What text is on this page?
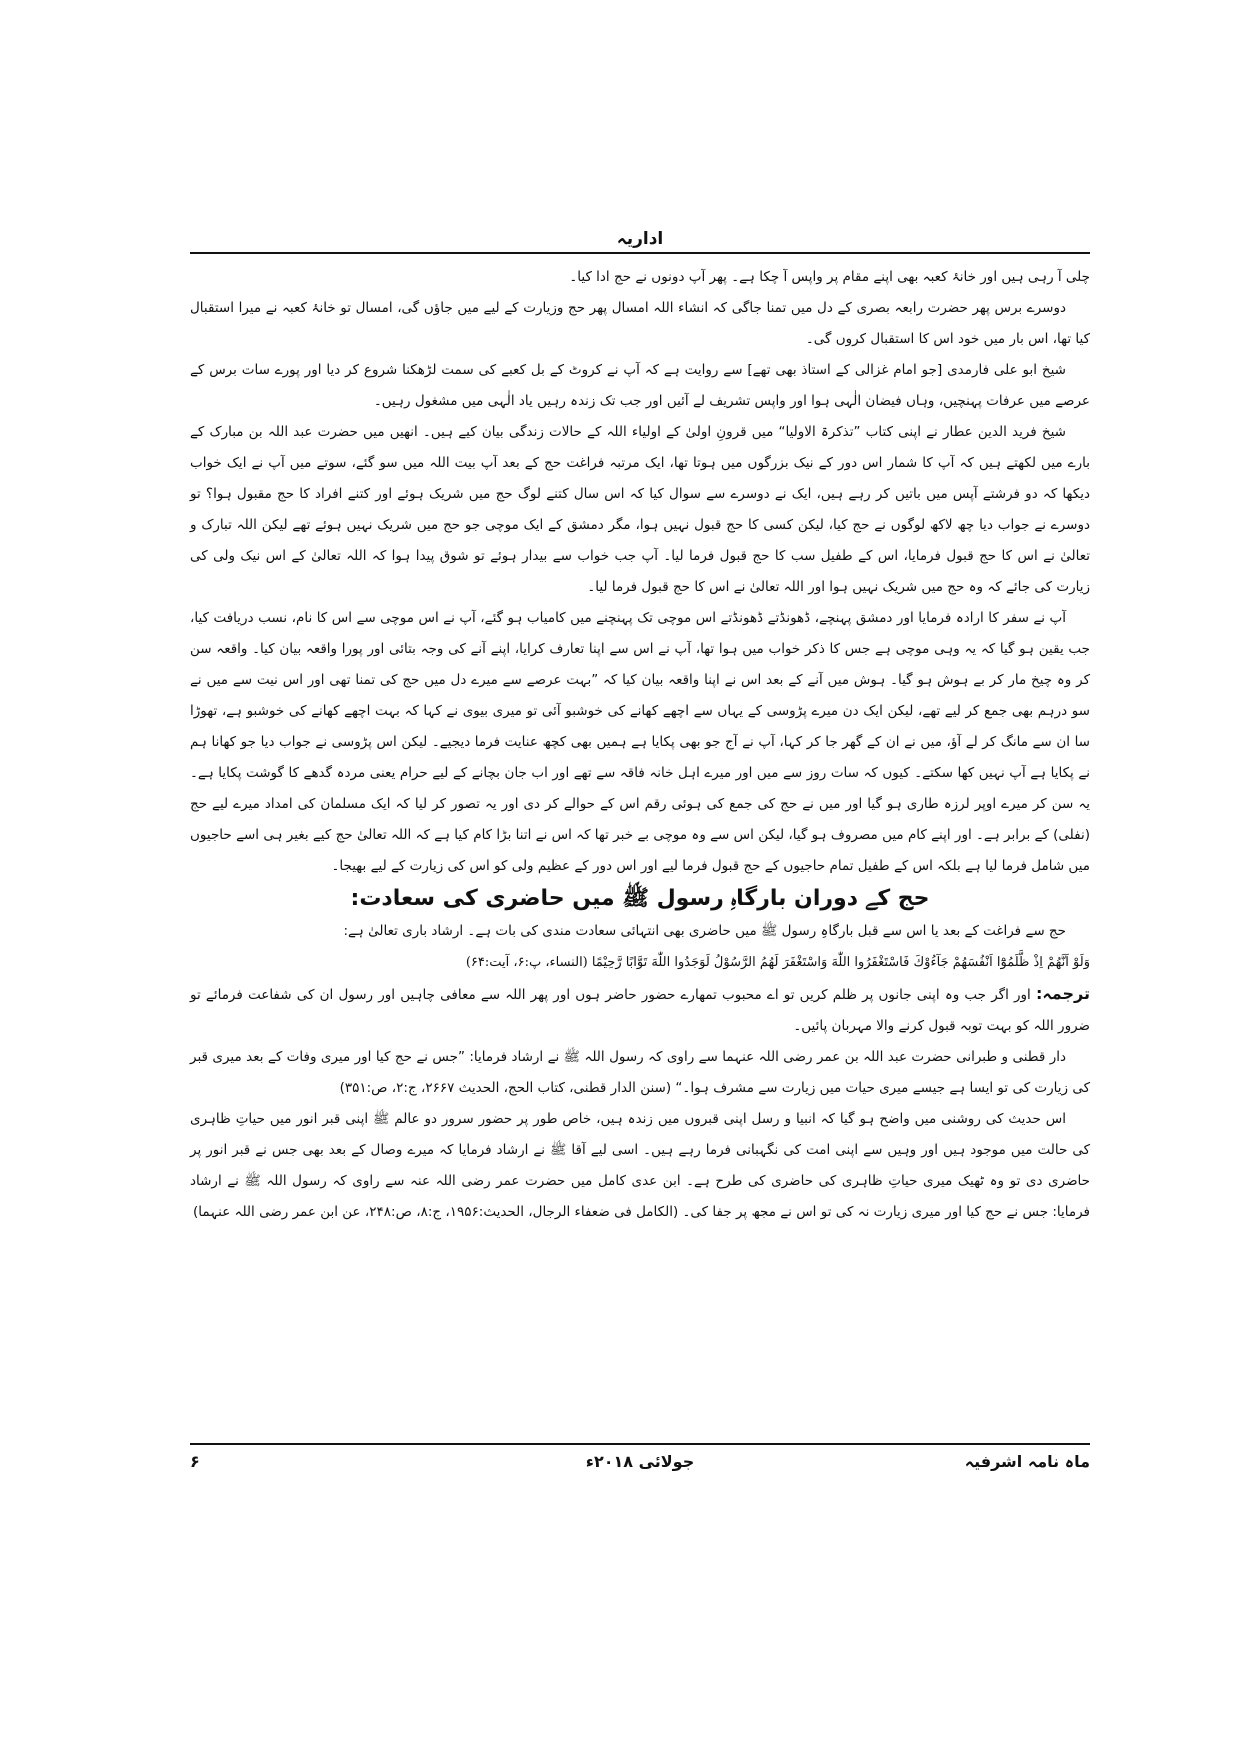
اداریہ

چلی آ رہی ہیں اور خانۂ کعبہ بھی اپنے مقام پر واپس آ چکا ہے۔ پھر آپ دونوں نے حج ادا کیا۔

دوسرے برس پھر حضرت رابعہ بصری کے دل میں تمنا جاگی کہ انشاء اللہ امسال پھر حج وزیارت کے لیے میں جاؤں گی، امسال تو خانۂ کعبہ نے میرا استقبال کیا تھا، اس بار میں خود اس کا استقبال کروں گی۔

شیخ ابو علی فارمدی [جو امام غزالی کے استاذ بھی تھے] سے روایت ہے کہ آپ نے کروٹ کے بل کعبے کی سمت لڑھکنا شروع کر دیا اور پورے سات برس کے عرصے میں عرفات پہنچیں، وہاں فیضان الٰہی ہوا اور واپس تشریف لے آئیں اور جب تک زندہ رہیں یاد الٰہی میں مشغول رہیں۔

شیخ فرید الدین عطار نے اپنی کتاب ”تذکرۃ الاولیا“ میں قرونِ اولیٰ کے اولیاء اللہ کے حالات زندگی بیان کیے ہیں۔ انھیں میں حضرت عبد اللہ بن مبارک کے بارے میں لکھتے ہیں کہ آپ کا شمار اس دور کے نیک بزرگوں میں ہوتا تھا، ایک مرتبہ فراغت حج کے بعد آپ بیت اللہ میں سو گئے، سوتے میں آپ نے ایک خواب دیکھا کہ دو فرشتے آپس میں باتیں کر رہے ہیں، ایک نے دوسرے سے سوال کیا کہ اس سال کتنے لوگ حج میں شریک ہوئے اور کتنے افراد کا حج مقبول ہوا؟ تو دوسرے نے جواب دیا چھ لاکھ لوگوں نے حج کیا، لیکن کسی کا حج قبول نہیں ہوا، مگر دمشق کے ایک موچی جو حج میں شریک نہیں ہوئے تھے لیکن اللہ تبارک و تعالیٰ نے اس کا حج قبول فرمایا، اس کے طفیل سب کا حج قبول فرما لیا۔ آپ جب خواب سے بیدار ہوئے تو شوق پیدا ہوا کہ اللہ تعالیٰ کے اس نیک ولی کی زیارت کی جائے کہ وہ حج میں شریک نہیں ہوا اور اللہ تعالیٰ نے اس کا حج قبول فرما لیا۔

آپ نے سفر کا ارادہ فرمایا اور دمشق پہنچے، ڈھونڈتے ڈھونڈتے اس موچی تک پہنچنے میں کامیاب ہو گئے، آپ نے اس موچی سے اس کا نام، نسب دریافت کیا، جب یقین ہو گیا کہ یہ وہی موچی ہے جس کا ذکر خواب میں ہوا تھا، آپ نے اس سے اپنا تعارف کرایا، اپنے آنے کی وجہ بتائی اور پورا واقعہ بیان کیا۔ واقعہ سن کر وہ چیخ مار کر بے ہوش ہو گیا۔ ہوش میں آنے کے بعد اس نے اپنا واقعہ بیان کیا کہ ”بہت عرصے سے میرے دل میں حج کی تمنا تھی اور اس نیت سے میں نے سو درہم بھی جمع کر لیے تھے، لیکن ایک دن میرے پڑوسی کے یہاں سے اچھے کھانے کی خوشبو آئی تو میری بیوی نے کہا کہ بہت اچھے کھانے کی خوشبو ہے، تھوڑا سا ان سے مانگ کر لے آؤ، میں نے ان کے گھر جا کر کہا، آپ نے آج جو بھی پکایا ہے ہمیں بھی کچھ عنایت فرما دیجیے۔ لیکن اس پڑوسی نے جواب دیا جو کھانا ہم نے پکایا ہے آپ نہیں کھا سکتے۔ کیوں کہ سات روز سے میں اور میرے اہل خانہ فاقہ سے تھے اور اب جان بچانے کے لیے حرام یعنی مردہ گدھے کا گوشت پکایا ہے۔ یہ سن کر میرے اوپر لرزہ طاری ہو گیا اور میں نے حج کی جمع کی ہوئی رقم اس کے حوالے کر دی اور یہ تصور کر لیا کہ ایک مسلمان کی امداد میرے لیے حج (نفلی) کے برابر ہے۔ اور اپنے کام میں مصروف ہو گیا، لیکن اس سے وہ موچی بے خبر تھا کہ اس نے اتنا بڑا کام کیا ہے کہ اللہ تعالیٰ حج کیے بغیر ہی اسے حاجیوں میں شامل فرما لیا ہے بلکہ اس کے طفیل تمام حاجیوں کے حج قبول فرما لیے اور اس دور کے عظیم ولی کو اس کی زیارت کے لیے بھیجا۔

حج کے دوران بارگاہِ رسول ﷺ میں حاضری کی سعادت:

حج سے فراغت کے بعد یا اس سے قبل بارگاہِ رسول ﷺ میں حاضری بھی انتہائی سعادت مندی کی بات ہے۔ ارشاد باری تعالیٰ ہے:

وَلَوْ اَنَّهُمْ اِذْ ظَّلَمُوْٓا اَنْفُسَهُمْ جَآءُوْكَ فَاسْتَغْفَرُوا اللّٰهَ وَاسْتَغْفَرَ لَهُمُ الرَّسُوْلُ لَوَجَدُوا اللّٰهَ تَوَّابًا رَّحِيْمًا (النساء، پ:۶، آیت:۶۴)

ترجمہ: اور اگر جب وہ اپنی جانوں پر ظلم کریں تو اے محبوب تمھارے حضور حاضر ہوں اور پھر اللہ سے معافی چاہیں اور رسول ان کی شفاعت فرمائے تو ضرور اللہ کو بہت توبہ قبول کرنے والا مہربان پائیں۔

دار قطنی و طبرانی حضرت عبد اللہ بن عمر رضی اللہ عنہما سے راوی کہ رسول اللہ ﷺ نے ارشاد فرمایا: ”جس نے حج کیا اور میری وفات کے بعد میری قبر کی زیارت کی تو ایسا ہے جیسے میری حیات میں زیارت سے مشرف ہوا۔“ (سنن الدار قطنی، کتاب الحج، الحدیث ۲۶۶۷، ج:۲، ص:۳۵۱)

اس حدیث کی روشنی میں واضح ہو گیا کہ انبیا و رسل اپنی قبروں میں زندہ ہیں، خاص طور پر حضور سرور دو عالم ﷺ اپنی قبر انور میں حیاتِ ظاہری کی حالت میں موجود ہیں اور وہیں سے اپنی امت کی نگہبانی فرما رہے ہیں۔ اسی لیے آقا ﷺ نے ارشاد فرمایا کہ میرے وصال کے بعد بھی جس نے قبر انور پر حاضری دی تو وہ ٹھیک میری حیاتِ ظاہری کی حاضری کی طرح ہے۔ ابن عدی کامل میں حضرت عمر رضی اللہ عنہ سے راوی کہ رسول اللہ ﷺ نے ارشاد فرمایا: جس نے حج کیا اور میری زیارت نہ کی تو اس نے مجھ پر جفا کی۔ (الکامل فی ضعفاء الرجال، الحدیث:۱۹۵۶، ج:۸، ص:۲۴۸، عن ابن عمر رضی اللہ عنہما)

ماہ نامہ اشرفیہ
جولائی ۲۰۱۸ء
۶
